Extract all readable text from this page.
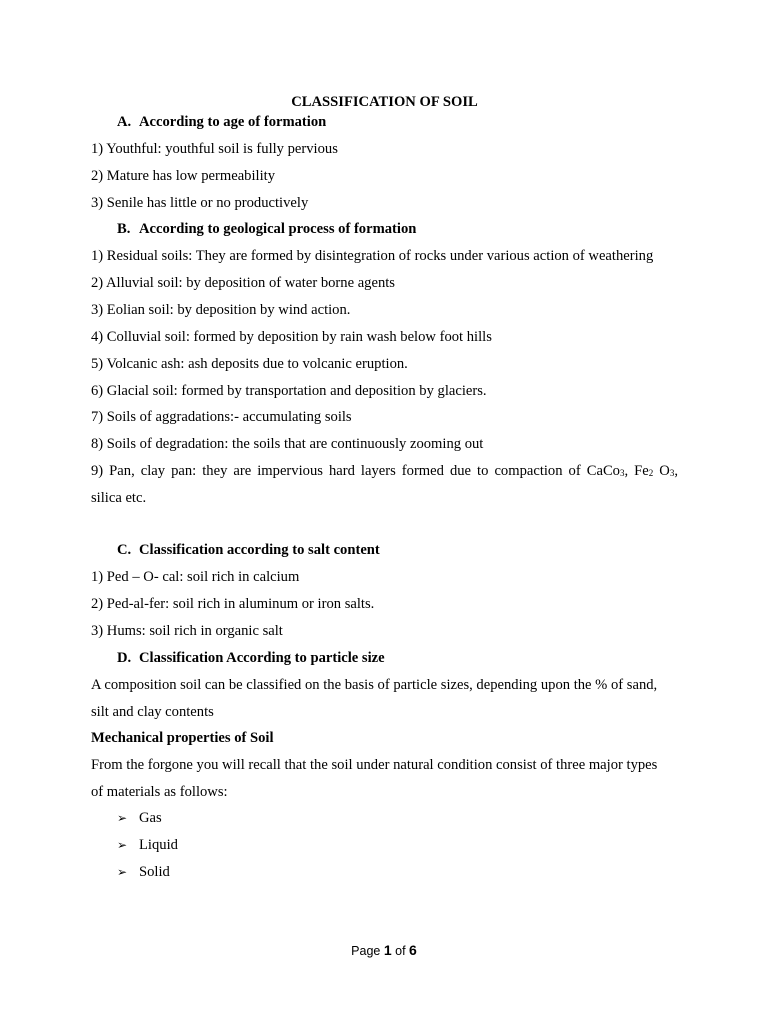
CLASSIFICATION OF SOIL
A. According to age of formation
1) Youthful: youthful soil is fully pervious
2) Mature has low permeability
3) Senile has little or no productively
B. According to geological process of formation
1) Residual soils: They are formed by disintegration of rocks under various action of weathering
2) Alluvial soil: by deposition of water borne agents
3) Eolian soil: by deposition by wind action.
4) Colluvial soil: formed by deposition by rain wash below foot hills
5) Volcanic ash: ash deposits due to volcanic eruption.
6) Glacial soil: formed by transportation and deposition by glaciers.
7) Soils of aggradations:- accumulating soils
8) Soils of degradation: the soils that are continuously zooming out
9) Pan, clay pan: they are impervious hard layers formed due to compaction of CaCo$_3$, $Fe_2$ $O_3$,
silica etc.
C. Classification according to salt content
1) Ped – O- cal: soil rich in calcium
2) Ped-al-fer: soil rich in aluminum or iron salts.
3) Hums: soil rich in organic salt
D. Classification According to particle size
A composition soil can be classified on the basis of particle sizes, depending upon the % of sand,
silt and clay contents
Mechanical properties of Soil
From the forgone you will recall that the soil under natural condition consist of three major types
of materials as follows:
➢ Gas
➢ Liquid
➢ Solid
Page 1 of 6
